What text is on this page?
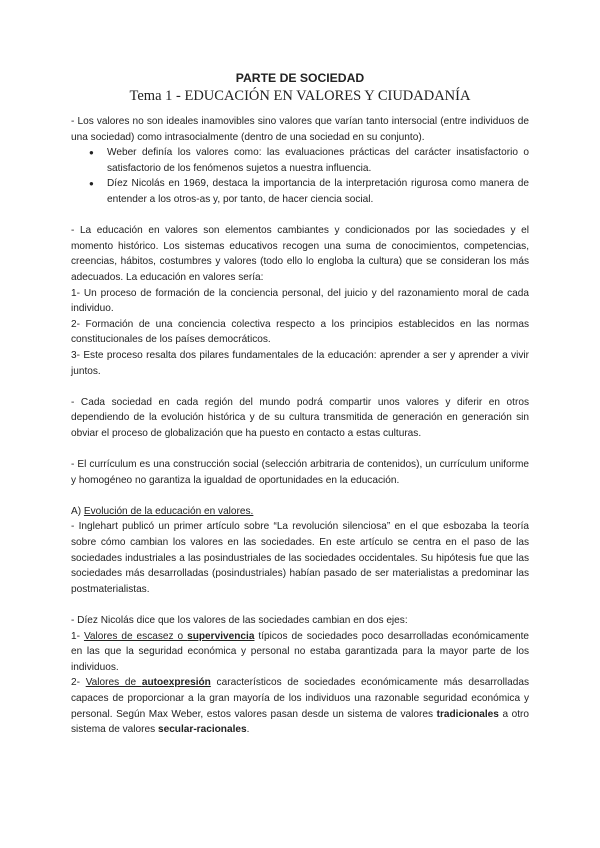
PARTE DE SOCIEDAD
Tema 1 - EDUCACIÓN EN VALORES Y CIUDADANÍA

- Los valores no son ideales inamovibles sino valores que varían tanto intersocial (entre individuos de una sociedad) como intrasocialmente (dentro de una sociedad en su conjunto).

● Weber definía los valores como: las evaluaciones prácticas del carácter insatisfactorio o satisfactorio de los fenómenos sujetos a nuestra influencia.
● Díez Nicolás en 1969, destaca la importancia de la interpretación rigurosa como manera de entender a los otros-as y, por tanto, de hacer ciencia social.

- La educación en valores son elementos cambiantes y condicionados por las sociedades y el momento histórico. Los sistemas educativos recogen una suma de conocimientos, competencias, creencias, hábitos, costumbres y valores (todo ello lo engloba la cultura) que se consideran los más adecuados. La educación en valores sería:

1- Un proceso de formación de la conciencia personal, del juicio y del razonamiento moral de cada individuo.

2- Formación de una conciencia colectiva respecto a los principios establecidos en las normas constitucionales de los países democráticos.

3- Este proceso resalta dos pilares fundamentales de la educación: aprender a ser y aprender a vivir juntos.

- Cada sociedad en cada región del mundo podrá compartir unos valores y diferir en otros dependiendo de la evolución histórica y de su cultura transmitida de generación en generación sin obviar el proceso de globalización que ha puesto en contacto a estas culturas.

- El currículum es una construcción social (selección arbitraria de contenidos), un currículum uniforme y homogéneo no garantiza la igualdad de oportunidades en la educación.

A) Evolución de la educación en valores.

- Inglehart publicó un primer artículo sobre “La revolución silenciosa” en el que esbozaba la teoría sobre cómo cambian los valores en las sociedades. En este artículo se centra en el paso de las sociedades industriales a las posindustriales de las sociedades occidentales. Su hipótesis fue que las sociedades más desarrolladas (posindustriales) habían pasado de ser materialistas a predominar las postmaterialistas.

- Díez Nicolás dice que los valores de las sociedades cambian en dos ejes:

1- Valores de escasez o supervivencia típicos de sociedades poco desarrolladas económicamente en las que la seguridad económica y personal no estaba garantizada para la mayor parte de los individuos.

2- Valores de autoexpresión característicos de sociedades económicamente más desarrolladas capaces de proporcionar a la gran mayoría de los individuos una razonable seguridad económica y personal. Según Max Weber, estos valores pasan desde un sistema de valores tradicionales a otro sistema de valores secular-racionales.
